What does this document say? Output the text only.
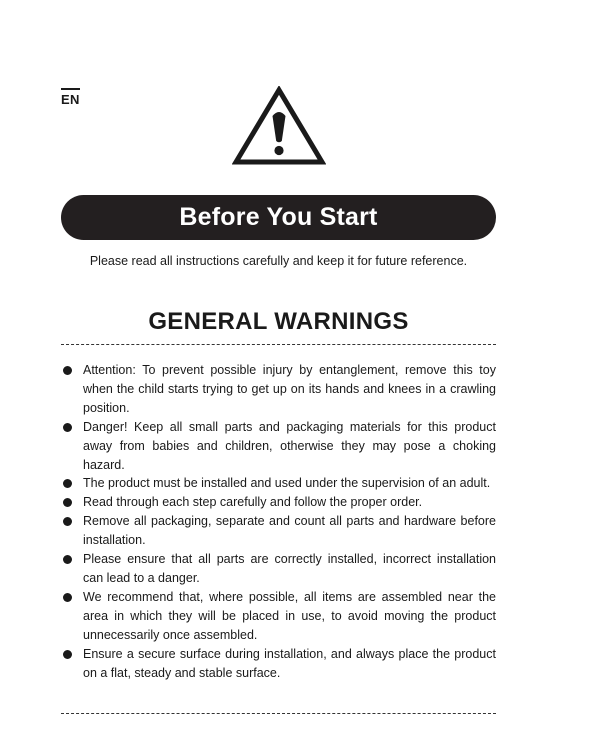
EN
Before You Start
Please read all instructions carefully and keep it for future reference.
GENERAL WARNINGS
Attention: To prevent possible injury by entanglement, remove this toy when the child starts trying to get up on its hands and knees in a crawling position.
Danger! Keep all small parts and packaging materials for this product away from babies and children, otherwise they may pose a choking hazard.
The product must be installed and used under the supervision of an adult.
Read through each step carefully and follow the proper order.
Remove all packaging, separate and count all parts and hardware before installation.
Please ensure that all parts are correctly installed, incorrect installation can lead to a danger.
We recommend that, where possible, all items are assembled near the area in which they will be placed in use, to avoid moving the product unnecessarily once assembled.
Ensure a secure surface during installation, and always place the product on a flat, steady and stable surface.
